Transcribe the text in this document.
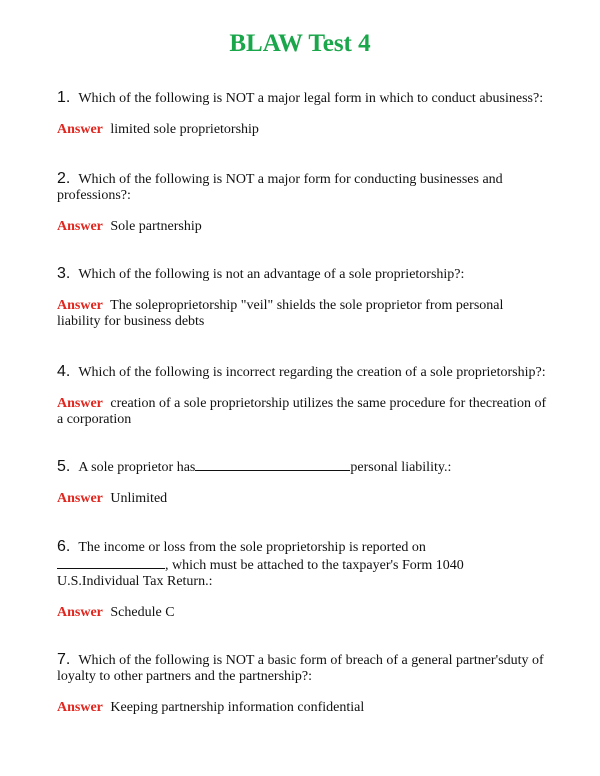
BLAW Test 4

1. Which of the following is NOT a major legal form in which to conduct abusiness?:

Answer limited sole proprietorship

2. Which of the following is NOT a major form for conducting businesses and professions?:

Answer Sole partnership

3. Which of the following is not an advantage of a sole proprietorship?:

Answer The soleproprietorship "veil" shields the sole proprietor from personal liability for business debts

4. Which of the following is incorrect regarding the creation of a sole proprietorship?:

Answer creation of a sole proprietorship utilizes the same procedure for thecreation of a corporation

5. A sole proprietor has	personal liability.:

Answer Unlimited

6. The income or loss from the sole proprietorship is reported on
, which must be attached to the taxpayer's Form 1040 U.S.Individual Tax Return.:

Answer Schedule C

7. Which of the following is NOT a basic form of breach of a general partner'sduty of loyalty to other partners and the partnership?:

Answer Keeping partnership information confidential
